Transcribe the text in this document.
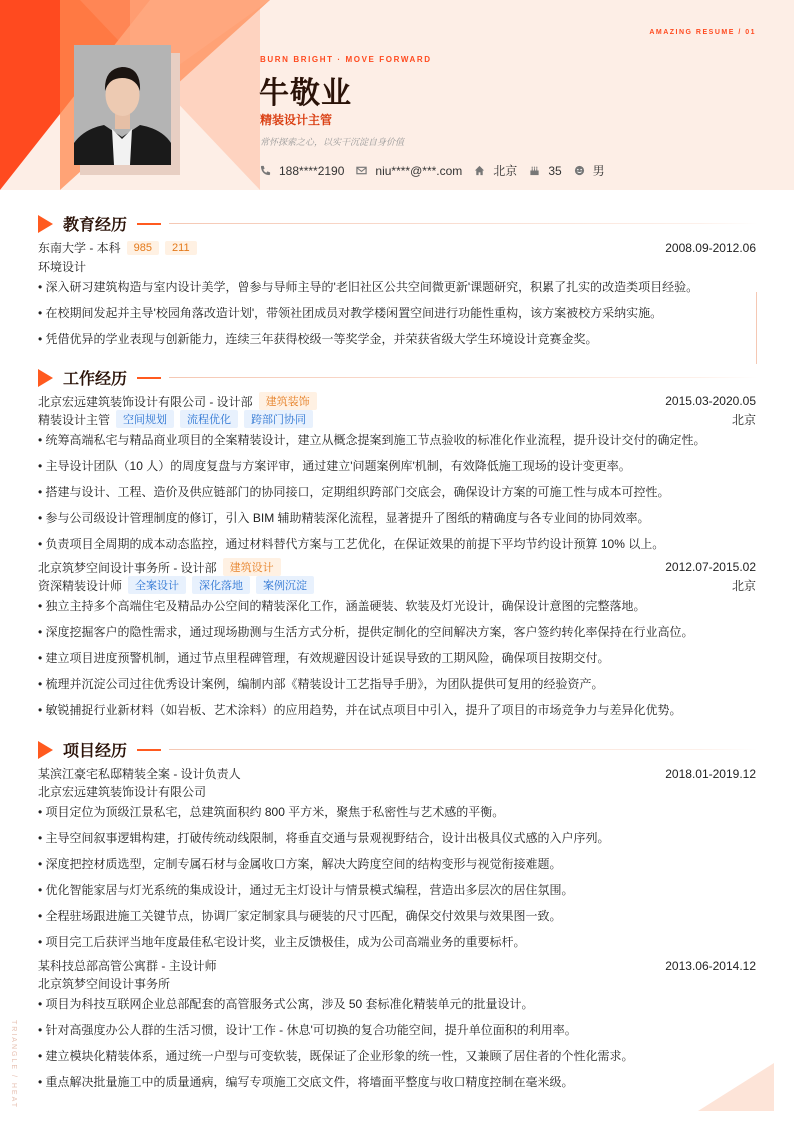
AMAZING RESUME / 01
BURN BRIGHT · MOVE FORWARD
牛敬业
精装设计主管
常怀探索之心，以实干沉淀自身价值
188****2190	niu****@***.com	北京	35	男
教育经历
东南大学 - 本科	985	211	2008.09-2012.06
环境设计
• 深入研习建筑构造与室内设计美学，曾参与导师主导的'老旧社区公共空间微更新'课题研究，积累了扎实的改造类项目经验。
• 在校期间发起并主导'校园角落改造计划'，带领社团成员对教学楼闲置空间进行功能性重构，该方案被校方采纳实施。
• 凭借优异的学业表现与创新能力，连续三年获得校级一等奖学金，并荣获省级大学生环境设计竞赛金奖。
工作经历
北京宏远建筑装饰设计有限公司 - 设计部	建筑装饰	2015.03-2020.05
精装设计主管	空间规划	流程优化	跨部门协同	北京
• 统筹高端私宅与精品商业项目的全案精装设计，建立从概念提案到施工节点验收的标准化作业流程，提升设计交付的确定性。
• 主导设计团队（10 人）的周度复盘与方案评审，通过建立'问题案例库'机制，有效降低施工现场的设计变更率。
• 搭建与设计、工程、造价及供应链部门的协同接口，定期组织跨部门交底会，确保设计方案的可施工性与成本可控性。
• 参与公司级设计管理制度的修订，引入 BIM 辅助精装深化流程，显著提升了图纸的精确度与各专业间的协同效率。
• 负责项目全周期的成本动态监控，通过材料替代方案与工艺优化，在保证效果的前提下平均节约设计预算 10% 以上。
北京筑梦空间设计事务所 - 设计部	建筑设计	2012.07-2015.02
资深精装设计师	全案设计	深化落地	案例沉淀	北京
• 独立主持多个高端住宅及精品办公空间的精装深化工作，涵盖硬装、软装及灯光设计，确保设计意图的完整落地。
• 深度挖掘客户的隐性需求，通过现场勘测与生活方式分析，提供定制化的空间解决方案，客户签约转化率保持在行业高位。
• 建立项目进度预警机制，通过节点里程碑管理，有效规避因设计延误导致的工期风险，确保项目按期交付。
• 梳理并沉淀公司过往优秀设计案例，编制内部《精装设计工艺指导手册》，为团队提供可复用的经验资产。
• 敏锐捕捉行业新材料（如岩板、艺术涂料）的应用趋势，并在试点项目中引入，提升了项目的市场竞争力与差异化优势。
项目经历
某滨江豪宅私邸精装全案 - 设计负责人	2018.01-2019.12
北京宏远建筑装饰设计有限公司
• 项目定位为顶级江景私宅，总建筑面积约 800 平方米，聚焦于私密性与艺术感的平衡。
• 主导空间叙事逻辑构建，打破传统动线限制，将垂直交通与景观视野结合，设计出极具仪式感的入户序列。
• 深度把控材质选型，定制专属石材与金属收口方案，解决大跨度空间的结构变形与视觉衔接难题。
• 优化智能家居与灯光系统的集成设计，通过无主灯设计与情景模式编程，营造出多层次的居住氛围。
• 全程驻场跟进施工关键节点，协调厂家定制家具与硬装的尺寸匹配，确保交付效果与效果图一致。
• 项目完工后获评当地年度最佳私宅设计奖，业主反馈极佳，成为公司高端业务的重要标杆。
某科技总部高管公寓群 - 主设计师	2013.06-2014.12
北京筑梦空间设计事务所
• 项目为科技互联网企业总部配套的高管服务式公寓，涉及 50 套标准化精装单元的批量设计。
• 针对高强度办公人群的生活习惯，设计'工作 - 休息'可切换的复合功能空间，提升单位面积的利用率。
• 建立模块化精装体系，通过统一户型与可变软装，既保证了企业形象的统一性，又兼顾了居住者的个性化需求。
• 重点解决批量施工中的质量通病，编写专项施工交底文件，将墙面平整度与收口精度控制在毫米级。
TRIANGLE / HEAT
